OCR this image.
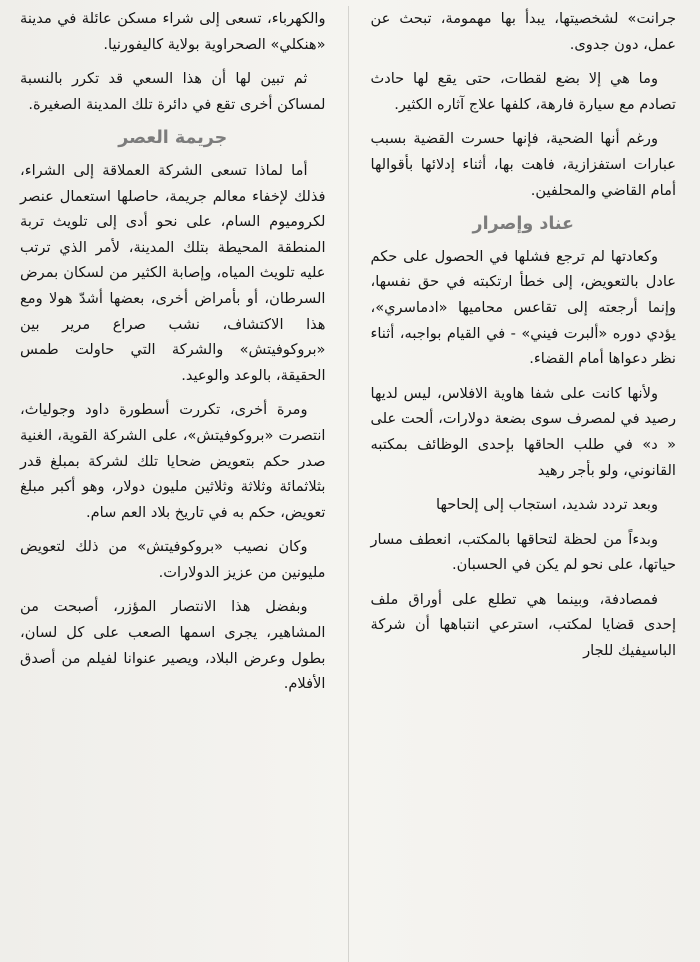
جرانت» لشخصيتها، يبدأ بها مهمومة، تبحث عن عمل، دون جدوى.

وما هي إلا بضع لقطات، حتى يقع لها حادث تصادم مع سيارة فارهة، كلفها علاج آثاره الكثير.

ورغم أنها الضحية، فإنها حسرت القضية بسبب عبارات استفزازية، فاهت بها، أثناء إدلائها بأقوالها أمام القاضي والمحلفين.

عناد وإصرار

وكعادتها لم ترجع فشلها في الحصول على حكم عادل بالتعويض، إلى خطأ ارتكبته في حق نفسها، وإنما أرجعته إلى تقاعس محاميها «ادماسري»، يؤدي دوره «ألبرت فيني» - في القيام بواجبه، أثناء نظر دعواها أمام القضاء.

ولأنها كانت على شفا هاوية الافلاس، ليس لديها رصيد في لمصرف سوى بضعة دولارات، ألحت على « د» في طلب الحاقها بإحدى الوظائف بمكتبه القانوني، ولو بأجر رهيد

وبعد تردد شديد، استجاب إلى إلحاحها

وبدءاً من لحظة لتحاقها بالمكتب، انعطف مسار حياتها، على نحو لم يكن في الحسبان.

فمصادفة، وبينما هي تطلع على أوراق ملف إحدى قضايا لمكتب، استرعي انتباهها أن شركة الباسيفيك للجار

والكهرباء، تسعى إلى شراء مسكن عائلة في مدينة «هنكلي» الصحراوية بولاية كاليفورنيا.

ثم تبين لها أن هذا السعي قد تكرر بالنسبة لمساكن أخرى تقع في دائرة تلك المدينة الصغيرة.

جريمة العصر

أما لماذا تسعى الشركة العملاقة إلى الشراء، فذلك لإخفاء معالم جريمة، حاصلها استعمال عنصر لكروميوم السام، على نحو أدى إلى تلويث تربة المنطقة المحيطة بتلك المدينة، لأمر الذي ترتب عليه تلويث المياه، وإصابة الكثير من لسكان بمرض السرطان، أو بأمراض أخرى، بعضها أشدّ هولا ومع هذا الاكتشاف، نشب صراع مرير بين «بروكوفيتش» والشركة التي حاولت طمس الحقيقة، بالوعد والوعيد.

ومرة أخرى، تكررت أسطورة داود وجولياث، انتصرت «بروكوفيتش»، على الشركة القوية، الغنية صدر حكم بتعويض ضحايا تلك لشركة بمبلغ قدر بثلاثمائة وثلاثة وثلاثين مليون دولار، وهو أكبر مبلغ تعويض، حكم به في تاريخ بلاد العم سام.

وكان نصيب «بروكوفيتش» من ذلك لتعويض مليونين من عزيز الدولارات.

وبفضل هذا الانتصار المؤزر، أصبحت من المشاهير، يجرى اسمها الصعب على كل لسان، بطول وعرض البلاد، ويصير عنوانا لفيلم من أصدق الأفلام.
